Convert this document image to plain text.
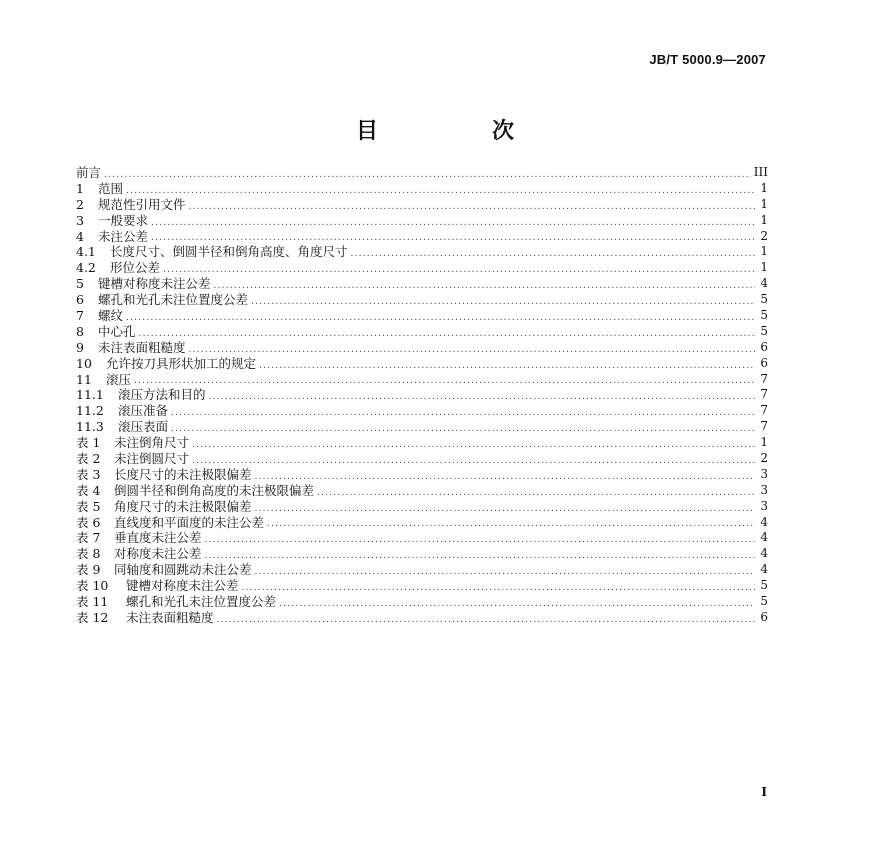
JB/T 5000.9—2007
目　次
前言 .....	III
1	范围 .....	1
2	规范性引用文件 .....	1
3	一般要求 .....	1
4	未注公差 .....	2
4.1	长度尺寸、倒圆半径和倒角高度、角度尺寸 .....	1
4.2	形位公差 .....	1
5	键槽对称度未注公差 .....	4
6	螺孔和光孔未注位置度公差 .....	5
7	螺纹 .....	5
8	中心孔 .....	5
9	未注表面粗糙度 .....	6
10	允许按刀具形状加工的规定 .....	6
11	滚压 .....	7
11.1	滚压方法和目的 .....	7
11.2	滚压准备 .....	7
11.3	滚压表面 .....	7
表 1	未注倒角尺寸 .....	1
表 2	未注倒圆尺寸 .....	2
表 3	长度尺寸的未注极限偏差 .....	3
表 4	倒圆半径和倒角高度的未注极限偏差 .....	3
表 5	角度尺寸的未注极限偏差 .....	3
表 6	直线度和平面度的未注公差 .....	4
表 7	垂直度未注公差 .....	4
表 8	对称度未注公差 .....	4
表 9	同轴度和圆跳动未注公差 .....	4
表 10	键槽对称度未注公差 .....	5
表 11	螺孔和光孔未注位置度公差 .....	5
表 12	未注表面粗糙度 .....	6
I
